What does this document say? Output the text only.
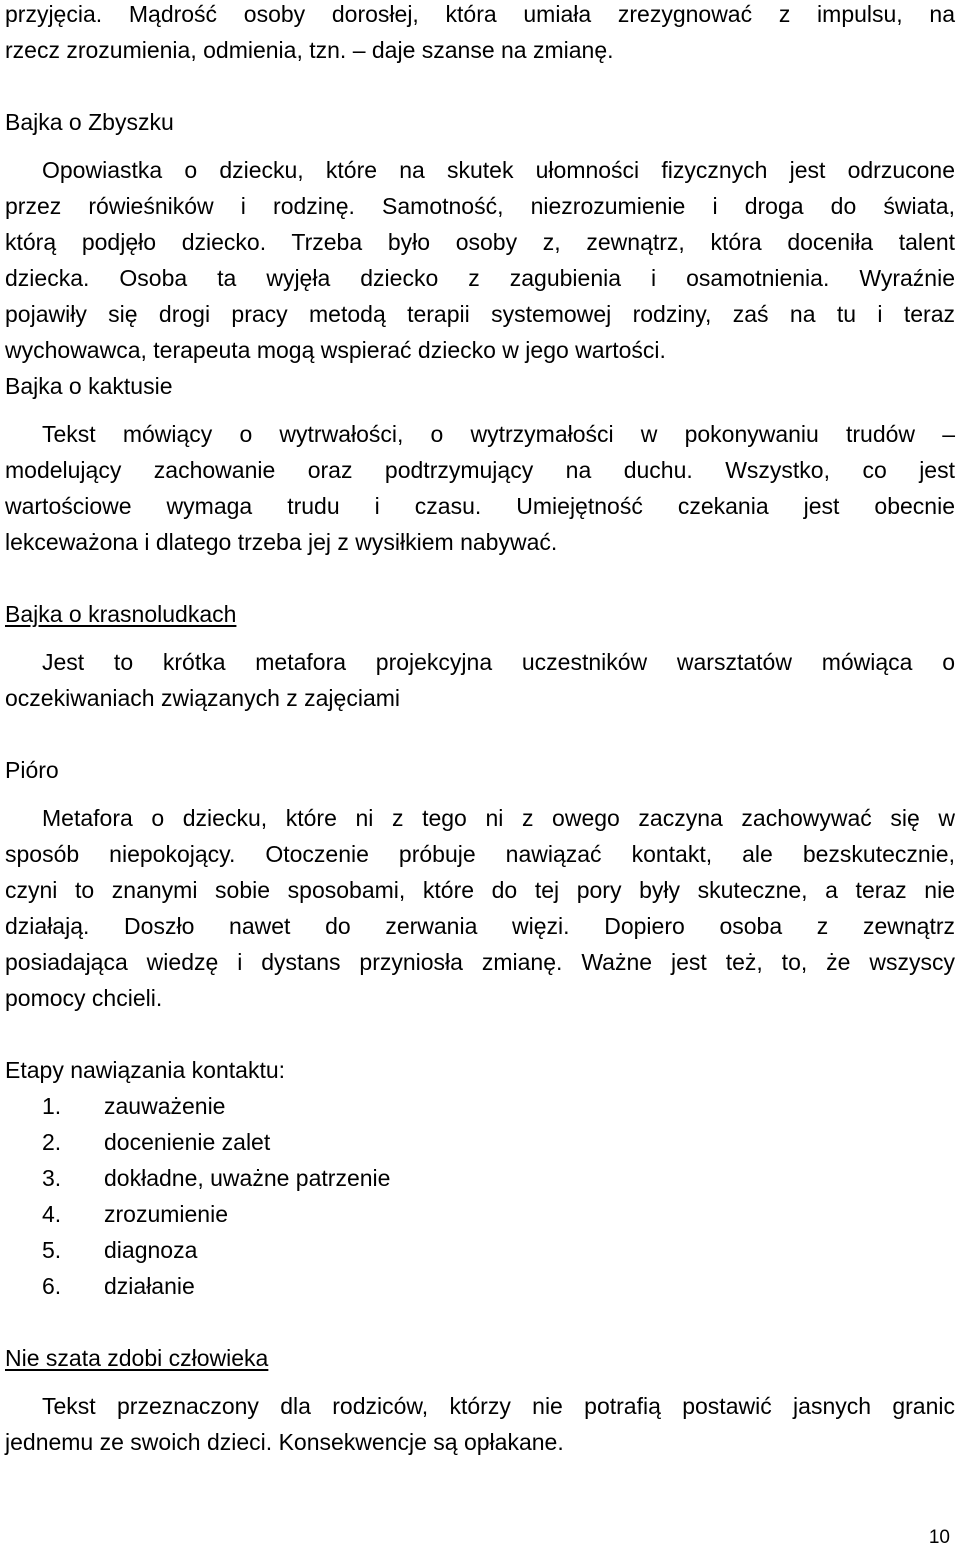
przyjęcia. Mądrość osoby dorosłej, która umiała zrezygnować z impulsu, na

rzecz zrozumienia, odmienia, tzn. – daje szanse na zmianę.

Bajka o Zbyszku

Opowiastka o dziecku, które na skutek ułomności fizycznych jest odrzucone

przez rówieśników i rodzinę. Samotność, niezrozumienie i droga do świata,

którą podjęło dziecko. Trzeba było osoby z, zewnątrz, która doceniła talent

dziecka. Osoba ta wyjęła dziecko z zagubienia i osamotnienia. Wyraźnie

pojawiły się drogi pracy metodą terapii systemowej rodziny, zaś na tu i teraz

wychowawca, terapeuta mogą wspierać dziecko w jego wartości.

Bajka o kaktusie

Tekst mówiący o wytrwałości, o wytrzymałości w pokonywaniu trudów –

modelujący zachowanie oraz podtrzymujący na duchu. Wszystko, co jest

wartościowe wymaga trudu i czasu. Umiejętność czekania jest obecnie

lekceważona i dlatego trzeba jej z wysiłkiem nabywać.

Bajka o krasnoludkach

Jest to krótka metafora projekcyjna uczestników warsztatów mówiąca o

oczekiwaniach związanych z zajęciami

Pióro

Metafora o dziecku, które ni z tego ni z owego zaczyna zachowywać się w

sposób niepokojący. Otoczenie próbuje nawiązać kontakt, ale bezskutecznie,

czyni to znanymi sobie sposobami, które do tej pory były skuteczne, a teraz nie

działają. Doszło nawet do zerwania więzi. Dopiero osoba z zewnątrz

posiadająca wiedzę i dystans przyniosła zmianę. Ważne jest też, to, że wszyscy

pomocy chcieli.

Etapy nawiązania kontaktu:

1. zauważenie
2. docenienie zalet
3. dokładne, uważne patrzenie
4. zrozumienie
5. diagnoza
6. działanie

Nie szata zdobi człowieka

Tekst przeznaczony dla rodziców, którzy nie potrafią postawić jasnych granic

jednemu ze swoich dzieci. Konsekwencje są opłakane.

10
